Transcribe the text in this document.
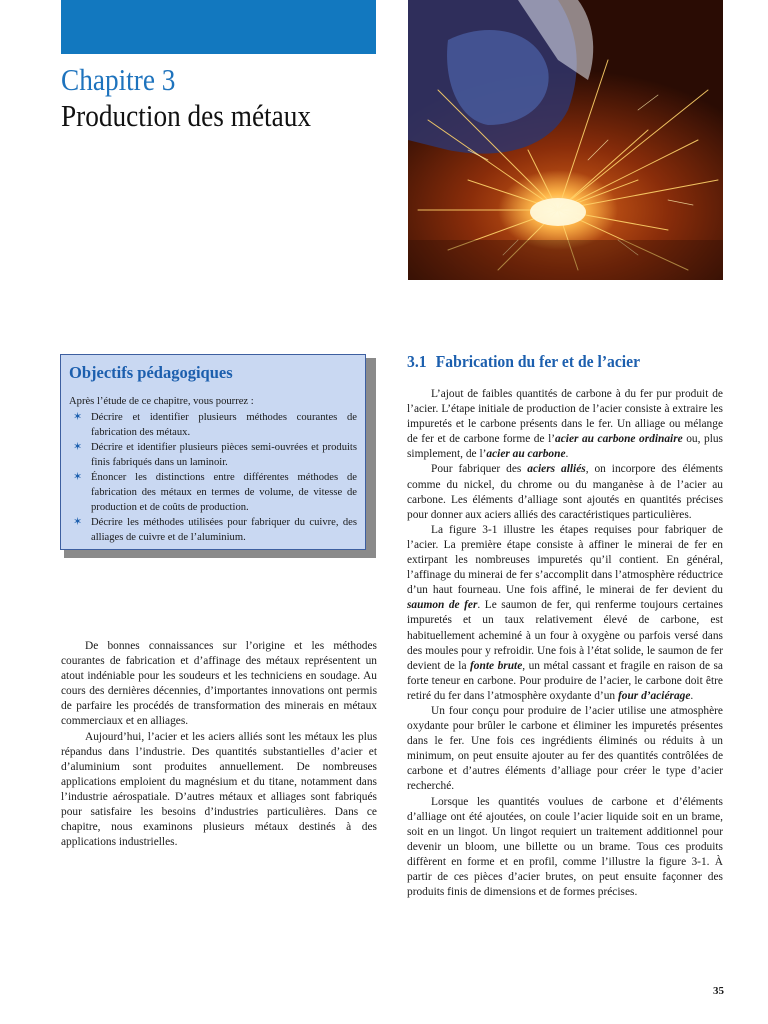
Chapitre 3
Production des métaux
Objectifs pédagogiques
Après l’étude de ce chapitre, vous pourrez :
✶ Décrire et identifier plusieurs méthodes courantes de fabrication des métaux.
✶ Décrire et identifier plusieurs pièces semi-ouvrées et produits finis fabriqués dans un laminoir.
✶ Énoncer les distinctions entre différentes méthodes de fabrication des métaux en termes de volume, de vitesse de production et de coûts de production.
✶ Décrire les méthodes utilisées pour fabriquer du cuivre, des alliages de cuivre et de l’aluminium.

De bonnes connaissances sur l’origine et les méthodes courantes de fabrication et d’affinage des métaux représentent un atout indéniable pour les soudeurs et les techniciens en soudage. Au cours des dernières décennies, d’importantes innovations ont permis de parfaire les procédés de transformation des minerais en métaux commerciaux et en alliages.

Aujourd’hui, l’acier et les aciers alliés sont les métaux les plus répandus dans l’industrie. Des quantités substantielles d’acier et d’aluminium sont produites annuellement. De nombreuses applications emploient du magnésium et du titane, notamment dans l’industrie aérospatiale. D’autres métaux et alliages sont fabriqués pour satisfaire les besoins d’industries particulières. Dans ce chapitre, nous examinons plusieurs métaux destinés à des applications industrielles.

3.1 Fabrication du fer et de l’acier

L’ajout de faibles quantités de carbone à du fer pur produit de l’acier. L’étape initiale de production de l’acier consiste à extraire les impuretés et le carbone présents dans le fer. Un alliage ou mélange de fer et de carbone forme de l’acier au carbone ordinaire ou, plus simplement, de l’acier au carbone.

Pour fabriquer des aciers alliés, on incorpore des éléments comme du nickel, du chrome ou du manganèse à de l’acier au carbone. Les éléments d’alliage sont ajoutés en quantités précises pour donner aux aciers alliés des caractéristiques particulières.

La figure 3-1 illustre les étapes requises pour fabriquer de l’acier. La première étape consiste à affiner le minerai de fer en extirpant les nombreuses impuretés qu’il contient. En général, l’affinage du minerai de fer s’accomplit dans l’atmosphère réductrice d’un haut fourneau. Une fois affiné, le minerai de fer devient du saumon de fer. Le saumon de fer, qui renferme toujours certaines impuretés et un taux relativement élevé de carbone, est habituellement acheminé à un four à oxygène ou parfois versé dans des moules pour y refroidir. Une fois à l’état solide, le saumon de fer devient de la fonte brute, un métal cassant et fragile en raison de sa forte teneur en carbone. Pour produire de l’acier, le carbone doit être retiré du fer dans l’atmosphère oxydante d’un four d’aciérage.

Un four conçu pour produire de l’acier utilise une atmosphère oxydante pour brûler le carbone et éliminer les impuretés présentes dans le fer. Une fois ces ingrédients éliminés ou réduits à un minimum, on peut ensuite ajouter au fer des quantités contrôlées de carbone et d’autres éléments d’alliage pour créer le type d’acier recherché.

Lorsque les quantités voulues de carbone et d’éléments d’alliage ont été ajoutées, on coule l’acier liquide soit en un brame, soit en un lingot. Un lingot requiert un traitement additionnel pour devenir un bloom, une billette ou un brame. Tous ces produits diffèrent en forme et en profil, comme l’illustre la figure 3-1. À partir de ces pièces d’acier brutes, on peut ensuite façonner des produits finis de dimensions et de formes précises.

35
